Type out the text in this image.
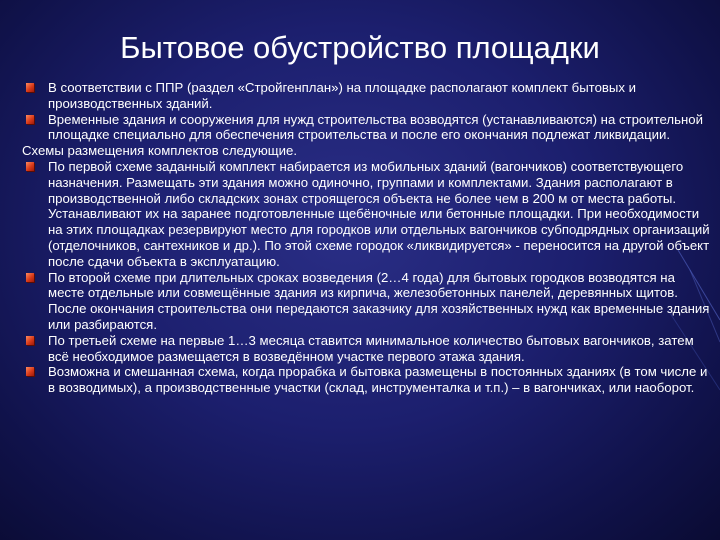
Бытовое обустройство площадки

В соответствии с ППР (раздел «Стройгенплан») на площадке располагают комплект бытовых и производственных зданий.

Временные здания и сооружения для нужд строительства возводятся (устанавливаются) на строительной площадке специально для обеспечения строительства и после его окончания подлежат ликвидации.

Схемы размещения комплектов следующие.

По первой схеме заданный комплект набирается из мобильных зданий (вагончиков) соответствующего назначения. Размещать эти здания можно одиночно, группами и комплектами. Здания располагают в производственной либо складских зонах строящегося объекта не более чем в 200 м от места работы. Устанавливают их на заранее подготовленные щебёночные или бетонные площадки. При необходимости на этих площадках резервируют место для городков или отдельных вагончиков субподрядных организаций (отделочников, сантехников и др.). По этой схеме городок «ликвидируется» - переносится на другой объект после сдачи объекта в эксплуатацию.

По второй схеме при длительных сроках возведения (2…4 года) для бытовых городков возводятся на месте отдельные или совмещённые здания из кирпича, железобетонных панелей, деревянных щитов. После окончания строительства они передаются заказчику для хозяйственных нужд как временные здания или разбираются.

По третьей схеме на первые 1…3 месяца ставится минимальное количество бытовых вагончиков, затем всё необходимое размещается в возведённом участке первого этажа здания.

Возможна и смешанная схема, когда прорабка и бытовка размещены в постоянных зданиях (в том числе и в возводимых), а производственные участки (склад, инструменталка и т.п.) – в вагончиках, или наоборот.
